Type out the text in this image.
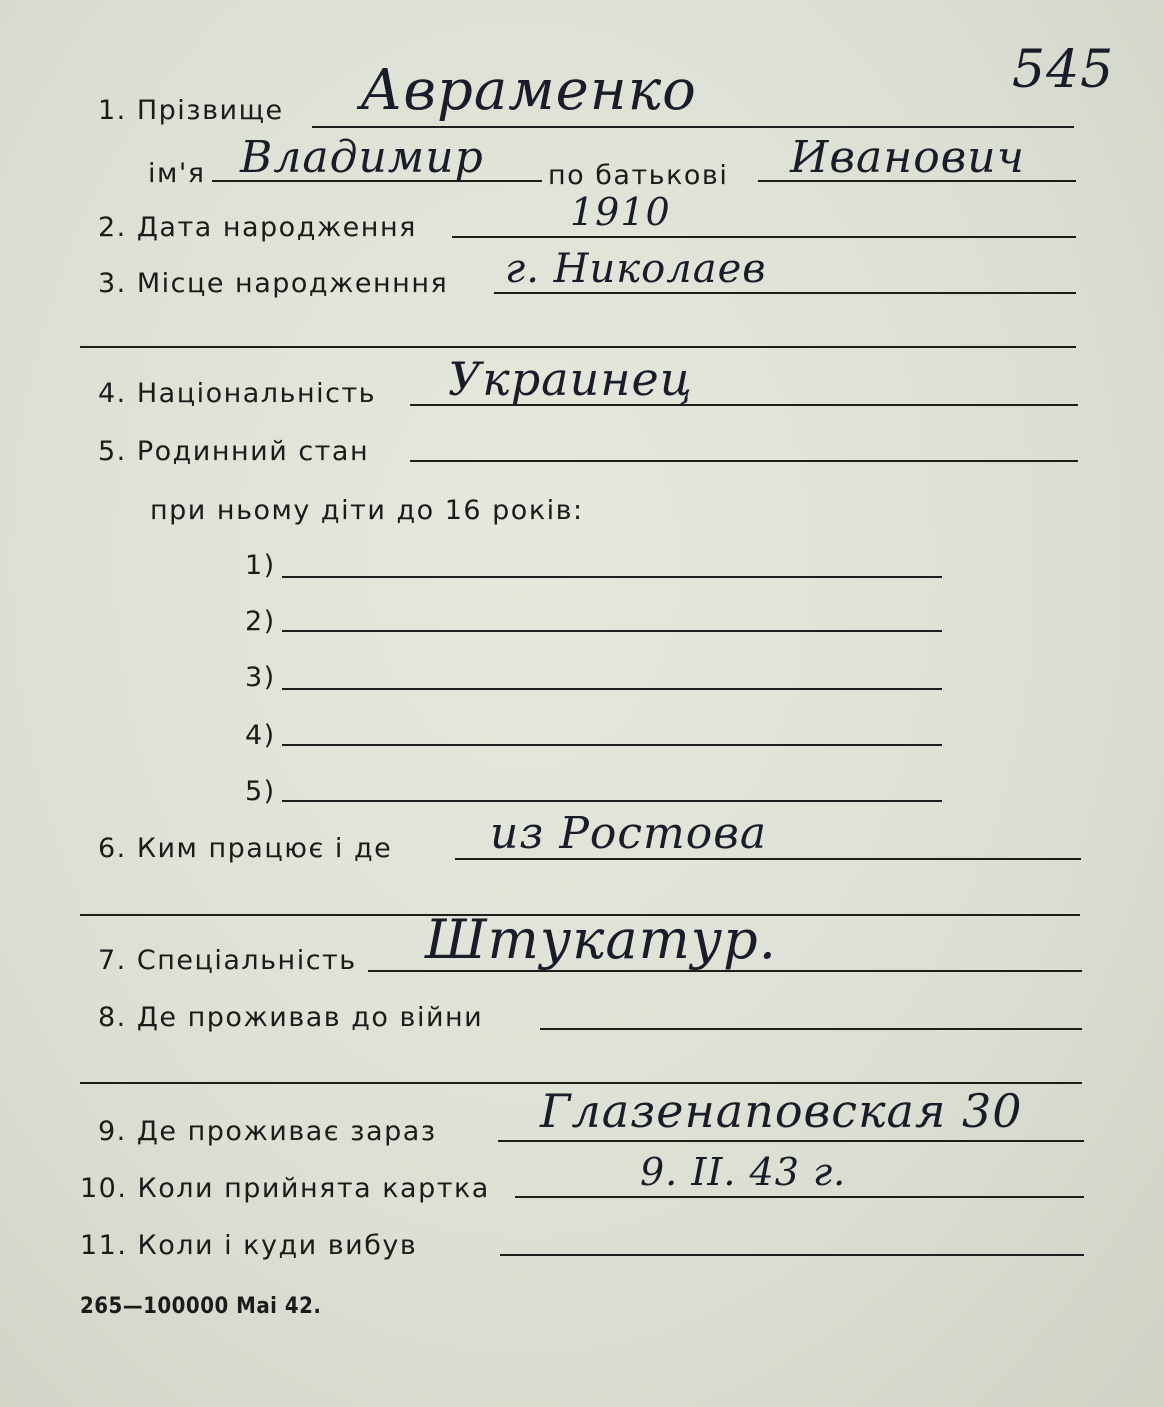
545
1. Прізвище Авраменко
ім'я Владимир по батькові Иванович
2. Дата народження	1910
3. Місце народженння г. Николаев
4. Національність Украинец
5. Родинний стан
при ньому діти до 16 років:
1)
2)
3)
4)
5)
6. Ким працює і де из Ростова
7. Спеціальність Штукатур.
8. Де проживав до війни
9. Де проживає зараз Глазенаповская 30
10. Коли прийнята картка	9. II. 43 г.
11. Коли і куди вибув
265—100000 Mai 42.
